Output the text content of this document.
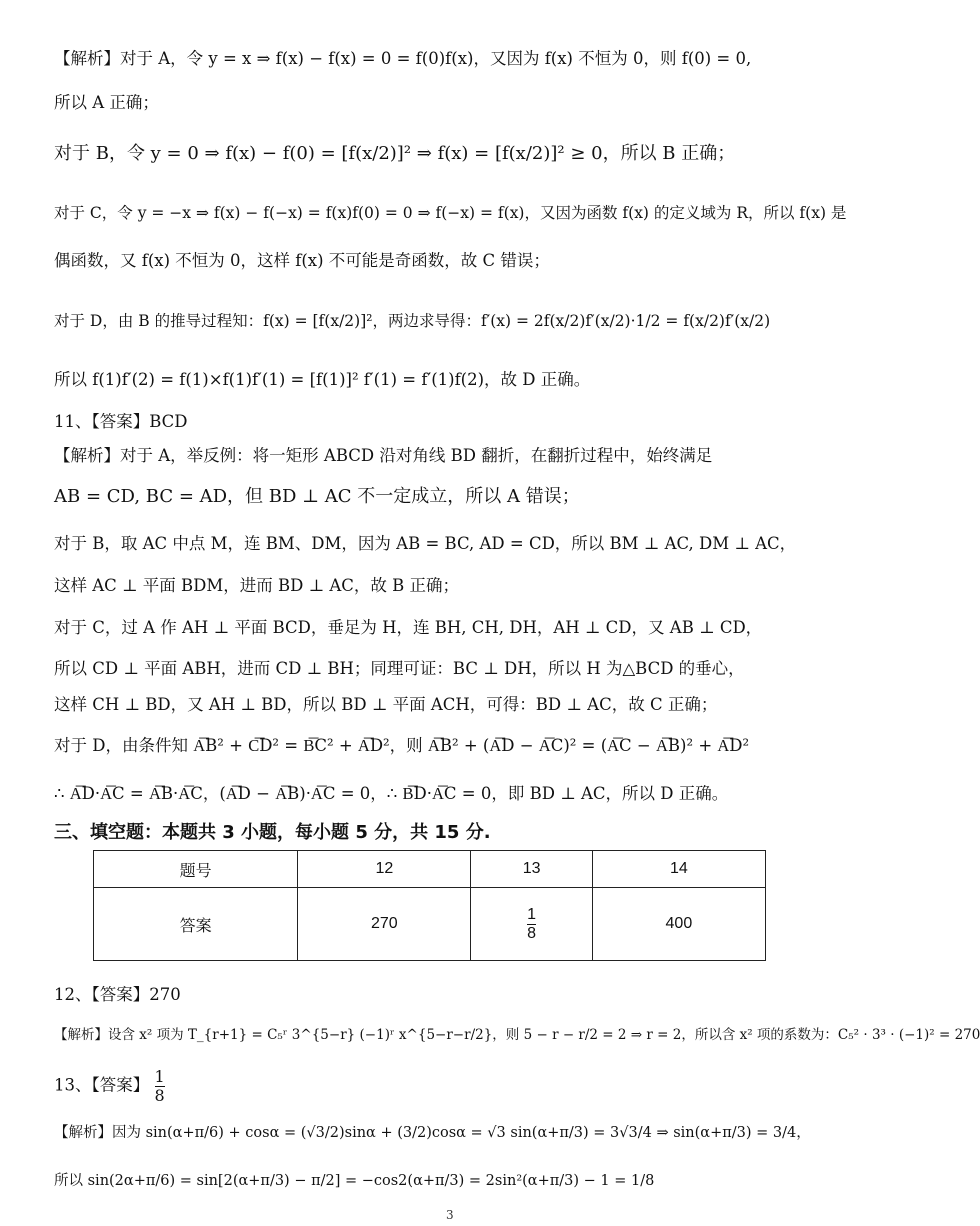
【解析】对于 A，令 y = x ⇒ f(x) − f(x) = 0 = f(0)f(x)，又因为 f(x) 不恒为 0，则 f(0) = 0,
所以 A 正确；
对于 B，令 y = 0 ⇒ f(x) − f(0) = [f(x/2)]² ⇒ f(x) = [f(x/2)]² ≥ 0，所以 B 正确；
对于 C，令 y = −x ⇒ f(x) − f(−x) = f(x)f(0) = 0 ⇒ f(−x) = f(x)，又因为函数 f(x) 的定义域为 R，所以 f(x) 是
偶函数，又 f(x) 不恒为 0，这样 f(x) 不可能是奇函数，故 C 错误；
对于 D，由 B 的推导过程知：f(x) = [f(x/2)]²，两边求导得：f′(x) = 2f(x/2)f′(x/2)·1/2 = f(x/2)f′(x/2)
所以 f(1)f′(2) = f(1)×f(1)f′(1) = [f(1)]² f′(1) = f′(1)f(2)，故 D 正确。
11、【答案】BCD
【解析】对于 A，举反例：将一矩形 ABCD 沿对角线 BD 翻折，在翻折过程中，始终满足
AB = CD, BC = AD，但 BD ⊥ AC 不一定成立，所以 A 错误；
对于 B，取 AC 中点 M，连 BM、DM，因为 AB = BC, AD = CD，所以 BM ⊥ AC, DM ⊥ AC，
这样 AC ⊥ 平面 BDM，进而 BD ⊥ AC，故 B 正确；
对于 C，过 A 作 AH ⊥ 平面 BCD，垂足为 H，连 BH, CH, DH，AH ⊥ CD，又 AB ⊥ CD，
所以 CD ⊥ 平面 ABH，进而 CD ⊥ BH；同理可证：BC ⊥ DH，所以 H 为△BCD 的垂心，
这样 CH ⊥ BD，又 AH ⊥ BD，所以 BD ⊥ 平面 ACH，可得：BD ⊥ AC，故 C 正确；
对于 D，由条件知 A͞B² + C͞D² = B͞C² + A͞D²，则 A͞B² + (A͞D − A͞C)² = (A͞C − A͞B)² + A͞D²
∴ A͞D·A͞C = A͞B·A͞C，(A͞D − A͞B)·A͞C = 0，∴ B͞D·A͞C = 0，即 BD ⊥ AC，所以 D 正确。
三、填空题：本题共 3 小题，每小题 5 分，共 15 分.
题号	12	13	14
答案	270	$\frac{1}{8}$	400
12、【答案】270
【解析】设含 x² 项为 T_{r+1} = C₅ʳ 3^{5−r} (−1)ʳ x^{5−r−r/2}，则 5 − r − r/2 = 2 ⇒ r = 2，所以含 x² 项的系数为：C₅² · 3³ · (−1)² = 270
13、【答案】 $\frac{1}{8}$
【解析】因为 sin(α+π/6) + cosα = (√3/2)sinα + (3/2)cosα = √3 sin(α+π/3) = 3√3/4 ⇒ sin(α+π/3) = 3/4，
所以 sin(2α+π/6) = sin[2(α+π/3) − π/2] = −cos2(α+π/3) = 2sin²(α+π/3) − 1 = 1/8
3
